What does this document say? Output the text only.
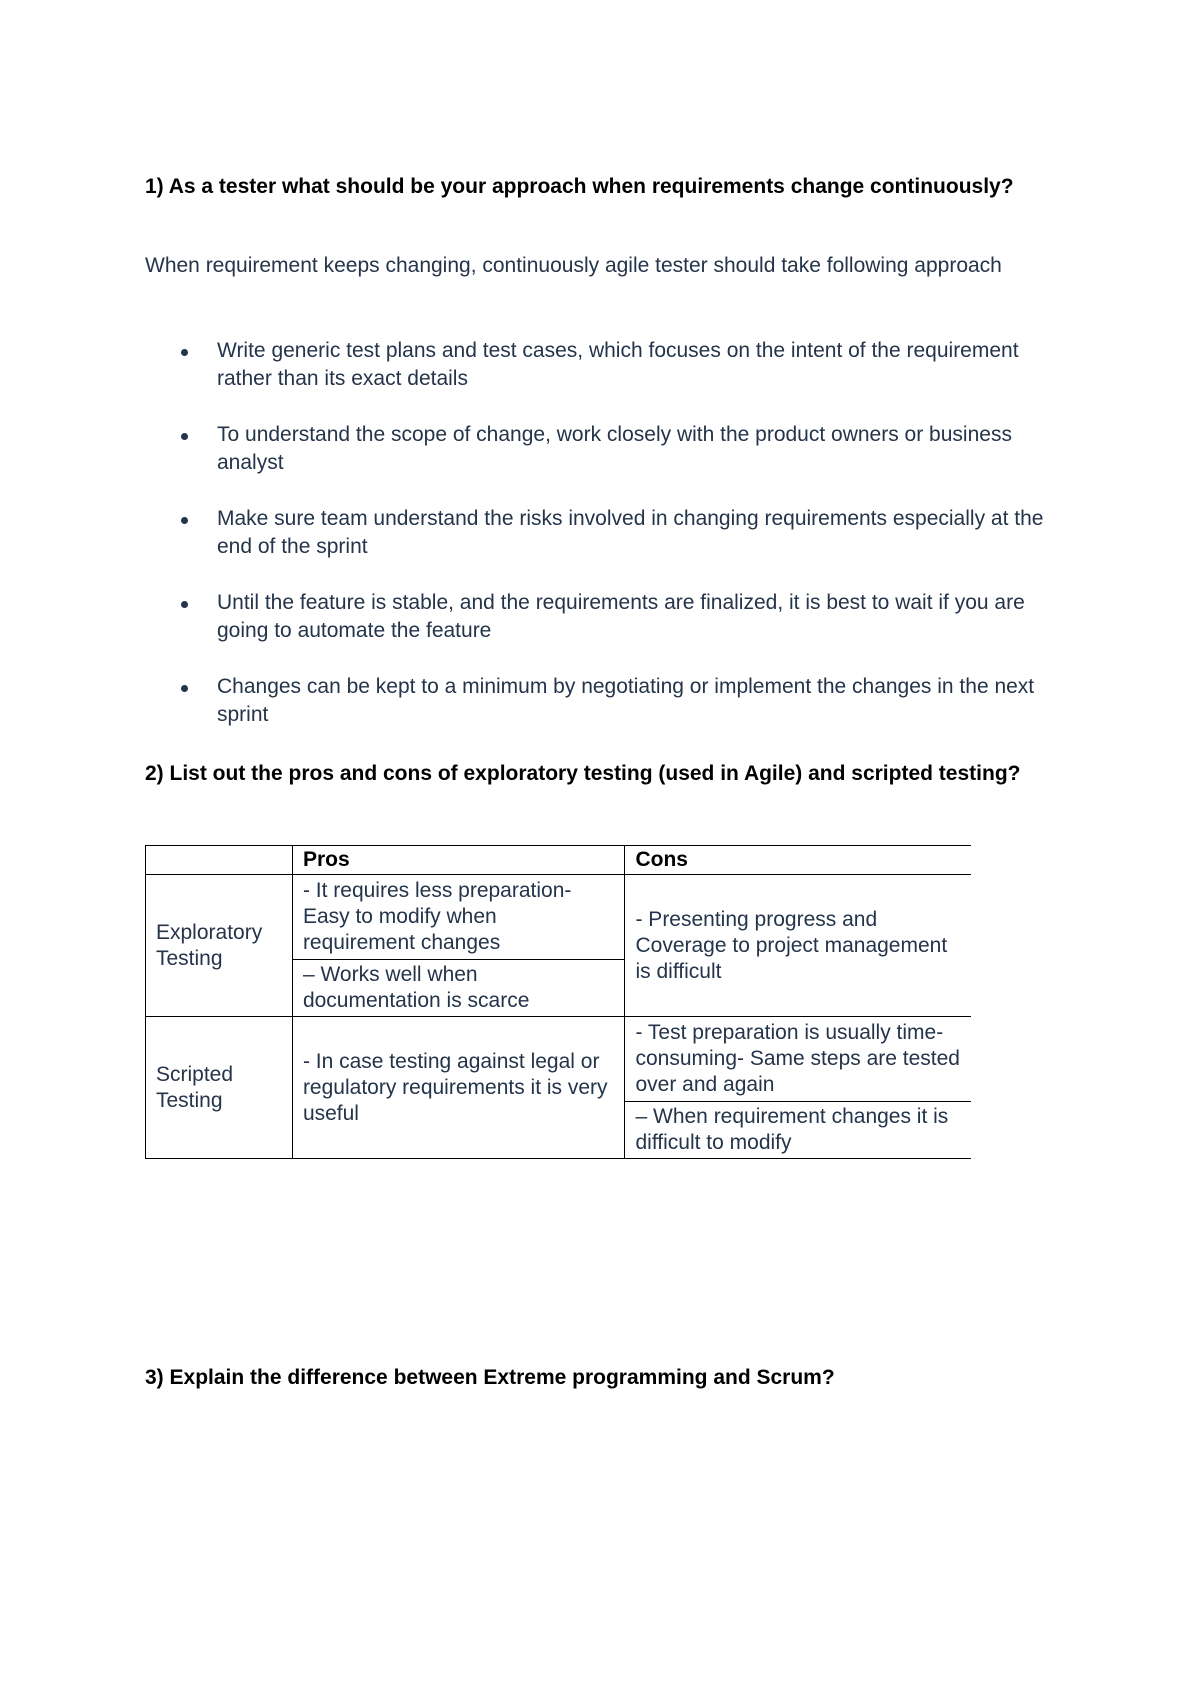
1) As a tester what should be your approach when requirements change continuously?

When requirement keeps changing, continuously agile tester should take following approach

Write generic test plans and test cases, which focuses on the intent of the requirement rather than its exact details
To understand the scope of change, work closely with the product owners or business analyst
Make sure team understand the risks involved in changing requirements especially at the end of the sprint
Until the feature is stable, and the requirements are finalized, it is best to wait if you are going to automate the feature
Changes can be kept to a minimum by negotiating or implement the changes in the next sprint
2) List out the pros and cons of exploratory testing (used in Agile) and scripted testing?
	Pros	Cons
Exploratory Testing	- It requires less preparation- Easy to modify when requirement changes	- Presenting progress and Coverage to project management is difficult
	– Works well when documentation is scarce	
Scripted Testing	- In case testing against legal or regulatory requirements it is very useful	- Test preparation is usually time-consuming- Same steps are tested over and again
		– When requirement changes it is difficult to modify
3) Explain the difference between Extreme programming and Scrum?
